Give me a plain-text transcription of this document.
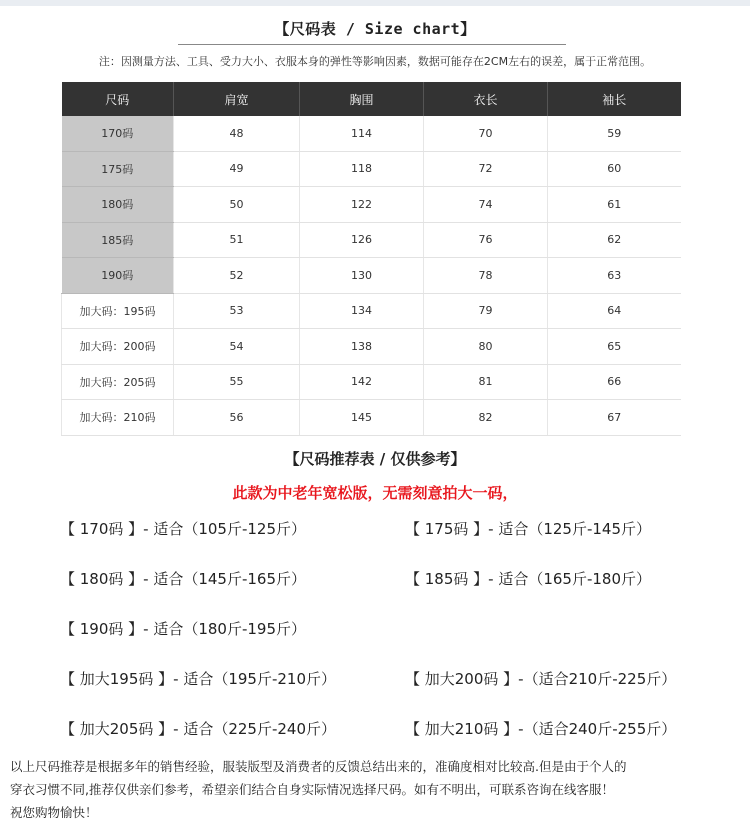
【尺码表 / Size chart】
注：因测量方法、工具、受力大小、衣服本身的弹性等影响因素，数据可能存在2CM左右的误差，属于正常范围。
尺码	肩宽	胸围	衣长	袖长
170码	48	114	70	59
175码	49	118	72	60
180码	50	122	74	61
185码	51	126	76	62
190码	52	130	78	63
加大码：195码	53	134	79	64
加大码：200码	54	138	80	65
加大码：205码	55	142	81	66
加大码：210码	56	145	82	67
【尺码推荐表 / 仅供参考】
此款为中老年宽松版，无需刻意拍大一码，
【 170码 】- 适合（105斤-125斤）	【 175码 】- 适合（125斤-145斤）
【 180码 】- 适合（145斤-165斤）	【 185码 】- 适合（165斤-180斤）
【 190码 】- 适合（180斤-195斤）
【 加大195码 】- 适合（195斤-210斤）	【 加大200码 】-（适合210斤-225斤）
【 加大205码 】- 适合（225斤-240斤）	【 加大210码 】-（适合240斤-255斤）
以上尺码推荐是根据多年的销售经验，服装版型及消费者的反馈总结出来的，准确度相对比较高.但是由于个人的
穿衣习惯不同,推荐仅供亲们参考，希望亲们结合自身实际情况选择尺码。如有不明出，可联系咨询在线客服！
祝您购物愉快！
